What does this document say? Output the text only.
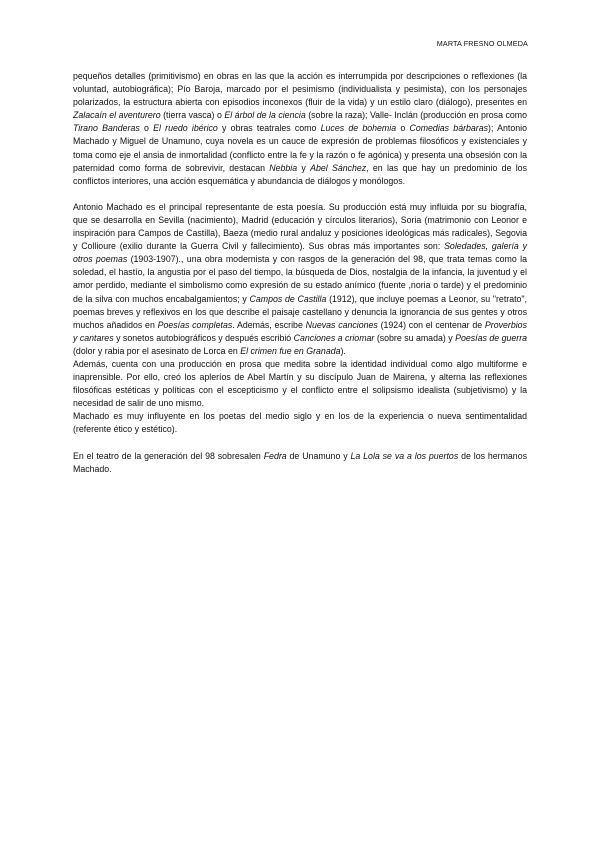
MARTA FRESNO OLMEDA

pequeños detalles (primitivismo) en obras en las que la acción es interrumpida por descripciones o reflexiones (la voluntad, autobiográfica); Pío Baroja, marcado por el pesimismo (individualista y pesimista), con los personajes polarizados, la estructura abierta con episodios inconexos (fluir de la vida) y un estilo claro (diálogo), presentes en Zalacaín el aventurero (tierra vasca) o El árbol de la ciencia (sobre la raza); Valle- Inclán (producción en prosa como Tirano Banderas o El ruedo ibérico y obras teatrales como Luces de bohemia o Comedias bárbaras); Antonio Machado y Miguel de Unamuno, cuya novela es un cauce de expresión de problemas filosóficos y existenciales y toma como eje el ansia de inmortalidad (conflicto entre la fe y la razón o fe agónica) y presenta una obsesión con la paternidad como forma de sobrevivir, destacan Nebbia y Abel Sánchez, en las que hay un predominio de los conflictos interiores, una acción esquemática y abundancia de diálogos y monólogos.

Antonio Machado es el principal representante de esta poesía. Su producción está muy influida por su biografía, que se desarrolla en Sevilla (nacimiento), Madrid (educación y círculos literarios), Soria (matrimonio con Leonor e inspiración para Campos de Castilla), Baeza (medio rural andaluz y posiciones ideológicas más radicales), Segovia y Collioure (exilio durante la Guerra Civil y fallecimiento). Sus obras más importantes son: Soledades, galería y otros poemas (1903-1907)., una obra modernista y con rasgos de la generación del 98, que trata temas como la soledad, el hastío, la angustia por el paso del tiempo, la búsqueda de Dios, nostalgia de la infancia, la juventud y el amor perdido, mediante el simbolismo como expresión de su estado anímico (fuente ,noria o tarde) y el predominio de la silva con muchos encabalgamientos; y Campos de Castilla (1912), que incluye poemas a Leonor, su "retrato", poemas breves y reflexivos en los que describe el paisaje castellano y denuncia la ignorancia de sus gentes y otros muchos añadidos en Poesías completas. Además, escribe Nuevas canciones (1924) con el centenar de Proverbios y cantares y sonetos autobiográficos y después escribió Canciones a criomar (sobre su amada) y Poesías de guerra (dolor y rabia por el asesinato de Lorca en El crimen fue en Granada).

Además, cuenta con una producción en prosa que medita sobre la identidad individual como algo multiforme e inaprensible. Por ello, creó los apleríos de Abel Martín y su discípulo Juan de Mairena, y alterna las reflexiones filosóficas estéticas y políticas con el escepticismo y el conflicto entre el solipsismo idealista (subjetivismo) y la necesidad de salir de uno mismo.

Machado es muy influyente en los poetas del medio siglo y en los de la experiencia o nueva sentimentalidad (referente ético y estético).

En el teatro de la generación del 98 sobresalen Fedra de Unamuno y La Lola se va a los puertos de los hermanos Machado.
